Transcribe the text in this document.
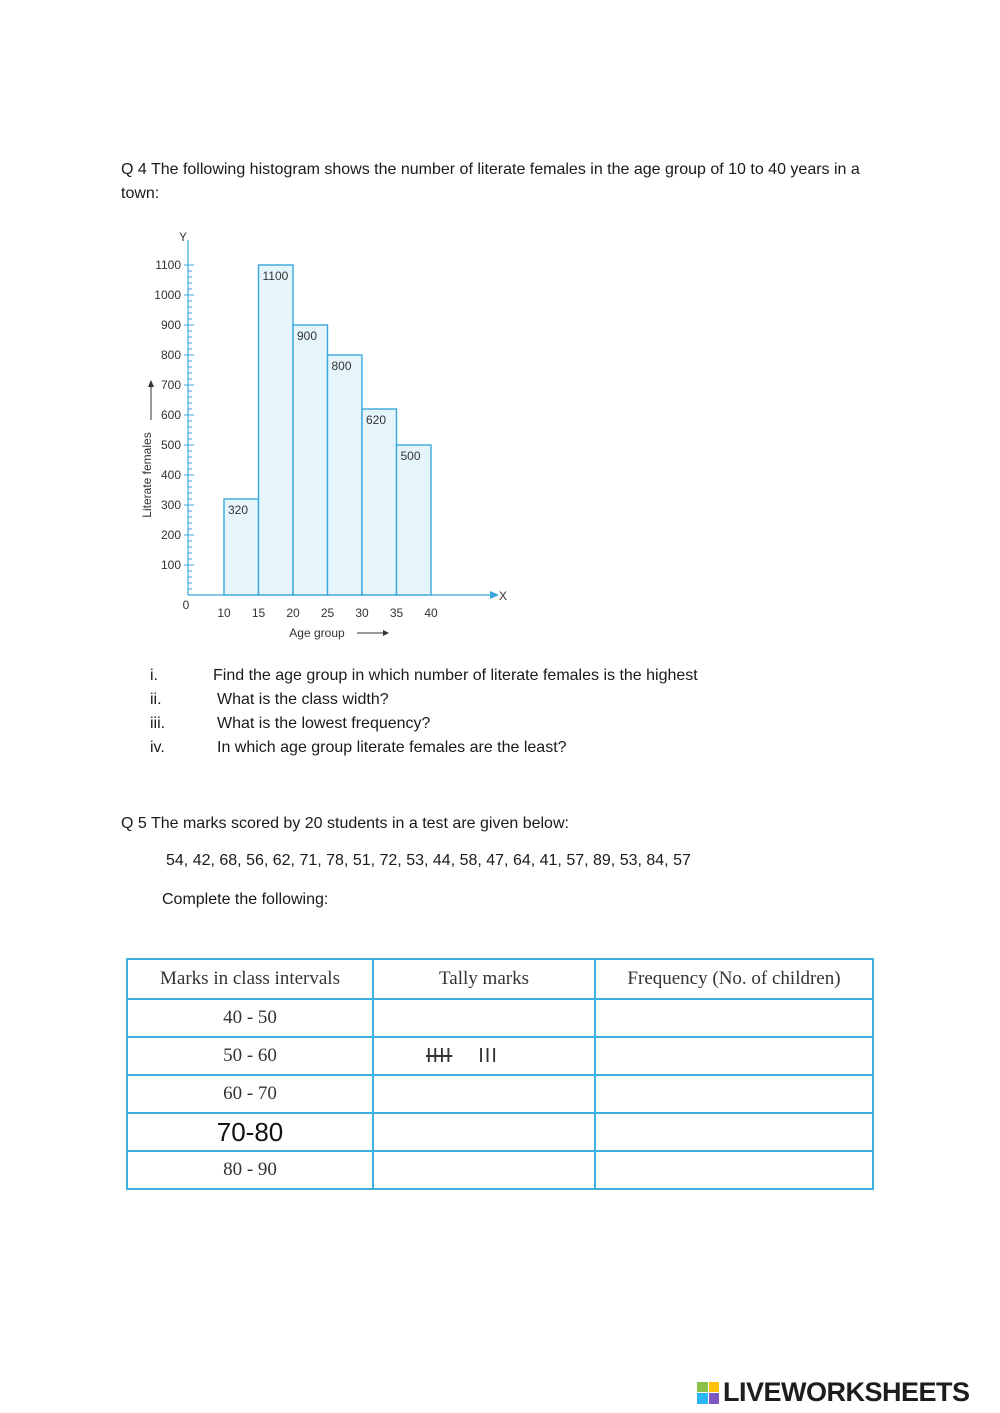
Q 4 The following histogram shows the number of literate females in the age group of 10 to 40 years in a town:
100
200
300
400
500
600
700
800
900
1000
1100
0
Y
X
320
1100
900
800
620
500
10 15 20 25 30 35 40
Age group
Literate females
i.	Find the age group in which number of literate females is the highest
ii.	What is the class width?
iii.	What is the lowest frequency?
iv.	In which age group literate females are the least?
Q 5 The marks scored by 20 students in a test are given below:
54, 42, 68, 56, 62, 71, 78, 51, 72, 53, 44, 58, 47, 64, 41, 57, 89, 53, 84, 57
Complete the following:
Marks in class intervals	Tally marks	Frequency (No. of children)
40 - 50		
50 - 60	IIII III	
60 - 70		
70-80		
80 - 90		
LIVEWORKSHEETS
